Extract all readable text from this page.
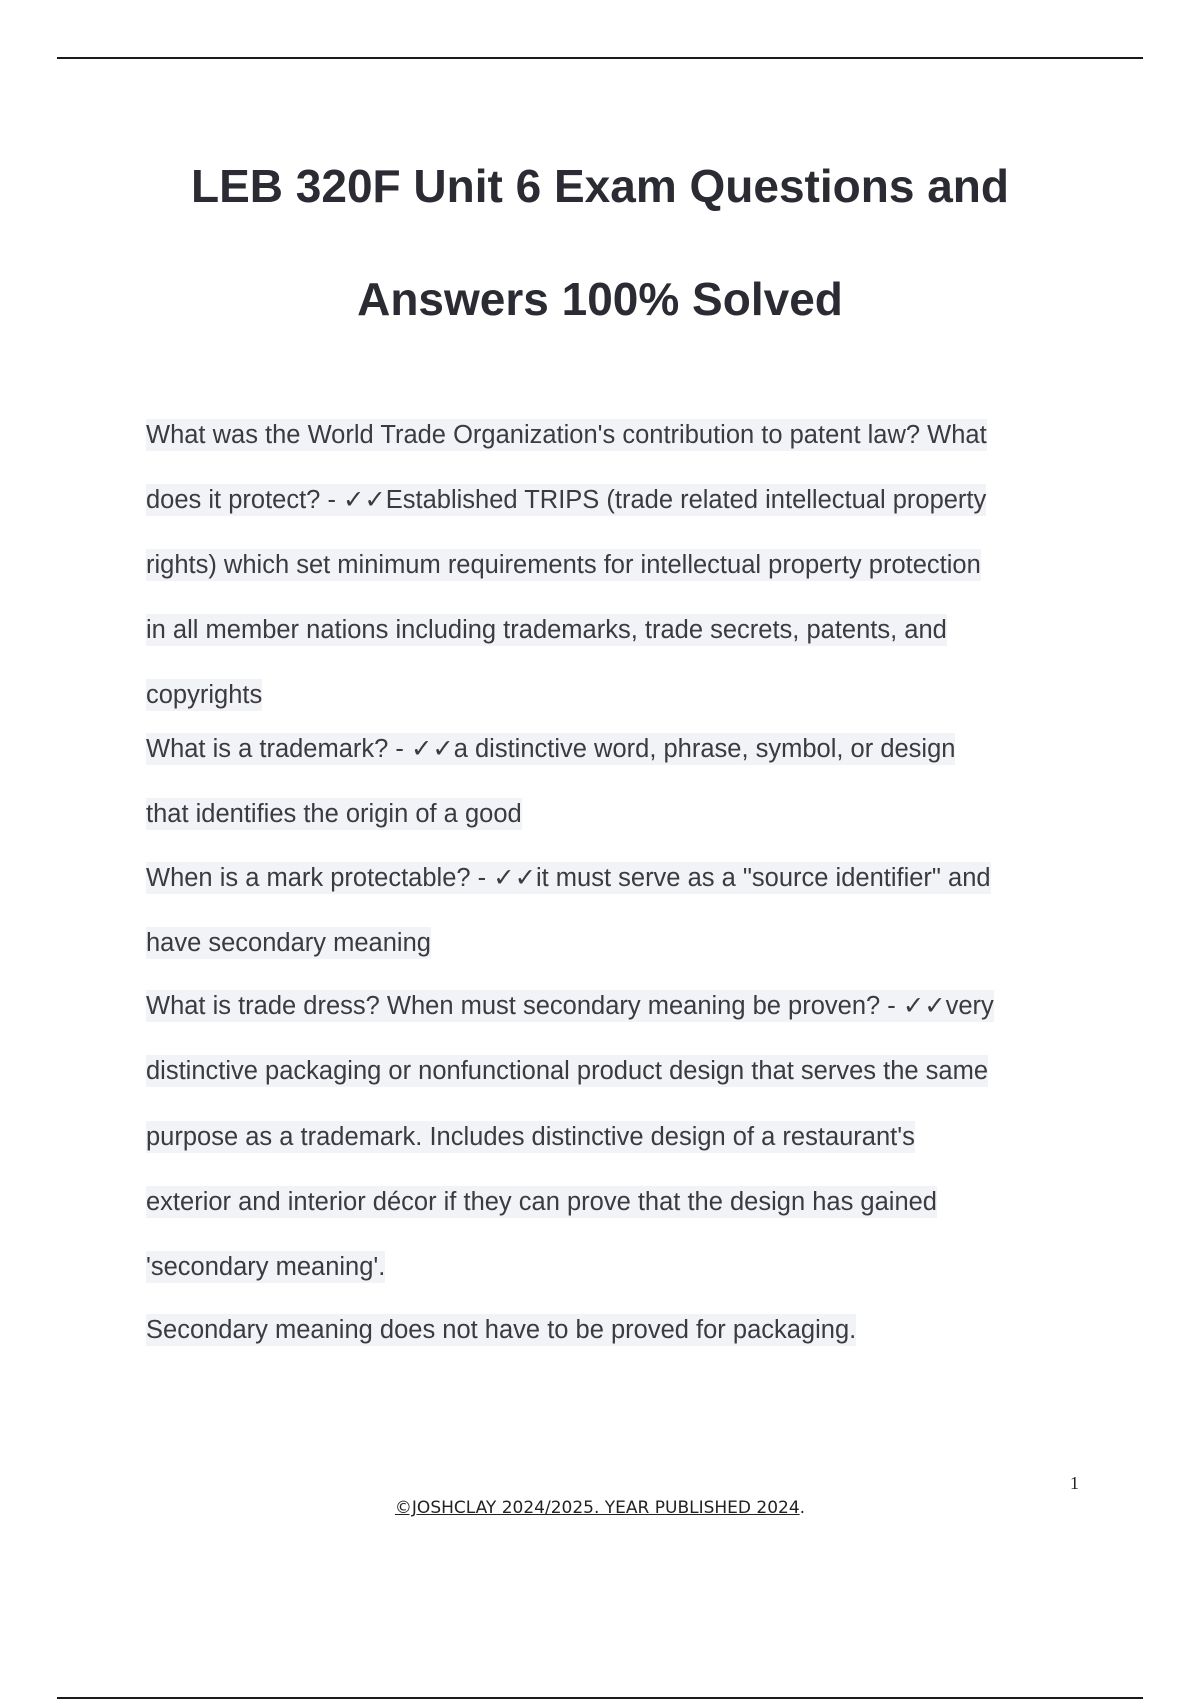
LEB 320F Unit 6 Exam Questions and
Answers 100% Solved
What was the World Trade Organization's contribution to patent law? What
does it protect? - ✓✓Established TRIPS (trade related intellectual property
rights) which set minimum requirements for intellectual property protection
in all member nations including trademarks, trade secrets, patents, and
copyrights
What is a trademark? - ✓✓a distinctive word, phrase, symbol, or design
that identifies the origin of a good
When is a mark protectable? - ✓✓it must serve as a "source identifier" and
have secondary meaning
What is trade dress? When must secondary meaning be proven? - ✓✓very
distinctive packaging or nonfunctional product design that serves the same
purpose as a trademark. Includes distinctive design of a restaurant's
exterior and interior décor if they can prove that the design has gained
'secondary meaning'.
Secondary meaning does not have to be proved for packaging.
1
©JOSHCLAY 2024/2025. YEAR PUBLISHED 2024.
